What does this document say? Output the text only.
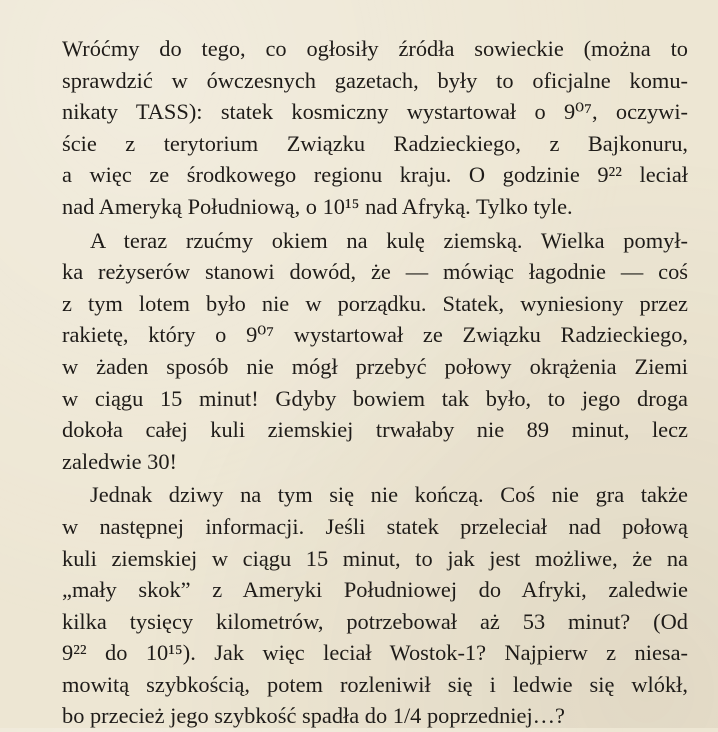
Wróćmy do tego, co ogłosiły źródła sowieckie (można to
sprawdzić w ówczesnych gazetach, były to oficjalne komu-
nikaty TASS): statek kosmiczny wystartował o 9⁰⁷, oczywi-
ście z terytorium Związku Radzieckiego, z Bajkonuru,
a więc ze środkowego regionu kraju. O godzinie 9²² leciał
nad Ameryką Południową, o 10¹⁵ nad Afryką. Tylko tyle.
A teraz rzućmy okiem na kulę ziemską. Wielka pomył-
ka reżyserów stanowi dowód, że — mówiąc łagodnie — coś
z tym lotem było nie w porządku. Statek, wyniesiony przez
rakietę, który o 9⁰⁷ wystartował ze Związku Radzieckiego,
w żaden sposób nie mógł przebyć połowy okrążenia Ziemi
w ciągu 15 minut! Gdyby bowiem tak było, to jego droga
dokoła całej kuli ziemskiej trwałaby nie 89 minut, lecz
zaledwie 30!
Jednak dziwy na tym się nie kończą. Coś nie gra także
w następnej informacji. Jeśli statek przeleciał nad połową
kuli ziemskiej w ciągu 15 minut, to jak jest możliwe, że na
„mały skok” z Ameryki Południowej do Afryki, zaledwie
kilka tysięcy kilometrów, potrzebował aż 53 minut? (Od
9²² do 10¹⁵). Jak więc leciał Wostok-1? Najpierw z niesa-
mowitą szybkością, potem rozleniwił się i ledwie się wlókł,
bo przecież jego szybkość spadła do 1/4 poprzedniej…?
